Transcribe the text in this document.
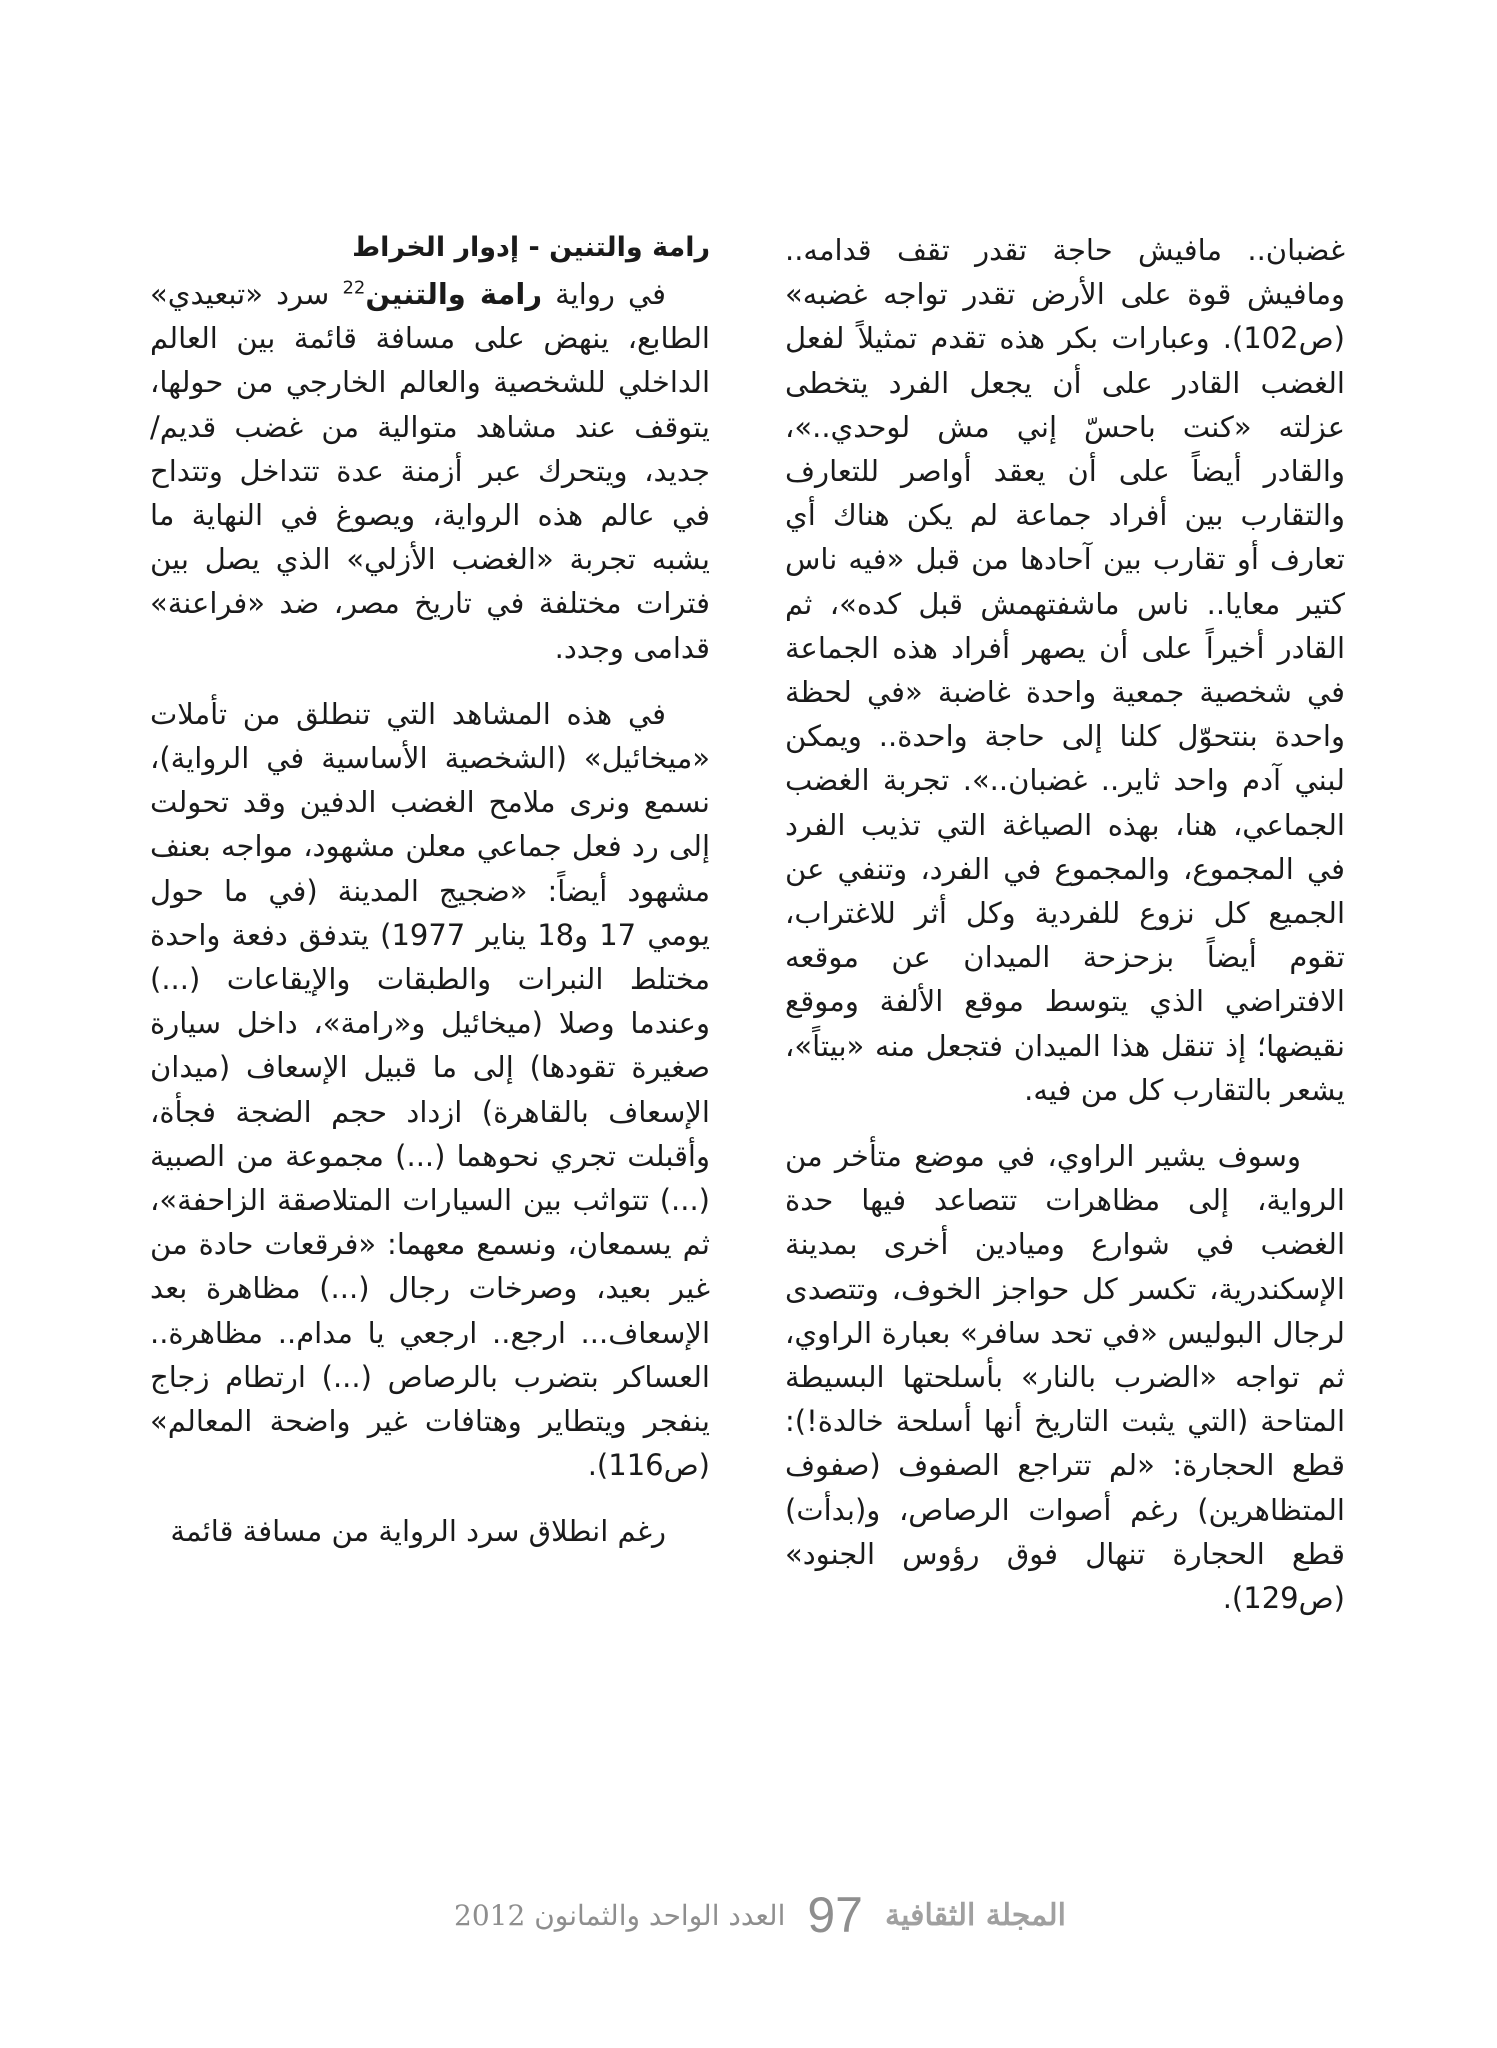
غضبان.. مافيش حاجة تقدر تقف قدامه.. ومافيش قوة على الأرض تقدر تواجه غضبه» (ص102). وعبارات بكر هذه تقدم تمثيلاً لفعل الغضب القادر على أن يجعل الفرد يتخطى عزلته «كنت باحسّ إني مش لوحدي..»، والقادر أيضاً على أن يعقد أواصر للتعارف والتقارب بين أفراد جماعة لم يكن هناك أي تعارف أو تقارب بين آحادها من قبل «فيه ناس كتير معايا.. ناس ماشفتهمش قبل كده»، ثم القادر أخيراً على أن يصهر أفراد هذه الجماعة في شخصية جمعية واحدة غاضبة «في لحظة واحدة بنتحوّل كلنا إلى حاجة واحدة.. ويمكن لبني آدم واحد ثاير.. غضبان..». تجربة الغضب الجماعي، هنا، بهذه الصياغة التي تذيب الفرد في المجموع، والمجموع في الفرد، وتنفي عن الجميع كل نزوع للفردية وكل أثر للاغتراب، تقوم أيضاً بزحزحة الميدان عن موقعه الافتراضي الذي يتوسط موقع الألفة وموقع نقيضها؛ إذ تنقل هذا الميدان فتجعل منه «بيتاً»، يشعر بالتقارب كل من فيه.

وسوف يشير الراوي، في موضع متأخر من الرواية، إلى مظاهرات تتصاعد فيها حدة الغضب في شوارع وميادين أخرى بمدينة الإسكندرية، تكسر كل حواجز الخوف، وتتصدى لرجال البوليس «في تحد سافر» بعبارة الراوي، ثم تواجه «الضرب بالنار» بأسلحتها البسيطة المتاحة (التي يثبت التاريخ أنها أسلحة خالدة!): قطع الحجارة: «لم تتراجع الصفوف (صفوف المتظاهرين) رغم أصوات الرصاص، و(بدأت) قطع الحجارة تنهال فوق رؤوس الجنود» (ص129).

رامة والتنين - إدوار الخراط

في رواية رامة والتنين$^{22}$ سرد «تبعيدي» الطابع، ينهض على مسافة قائمة بين العالم الداخلي للشخصية والعالم الخارجي من حولها، يتوقف عند مشاهد متوالية من غضب قديم/ جديد، ويتحرك عبر أزمنة عدة تتداخل وتتداح في عالم هذه الرواية، ويصوغ في النهاية ما يشبه تجربة «الغضب الأزلي» الذي يصل بين فترات مختلفة في تاريخ مصر، ضد «فراعنة» قدامى وجدد.

في هذه المشاهد التي تنطلق من تأملات «ميخائيل» (الشخصية الأساسية في الرواية)، نسمع ونرى ملامح الغضب الدفين وقد تحولت إلى رد فعل جماعي معلن مشهود، مواجه بعنف مشهود أيضاً: «ضجيج المدينة (في ما حول يومي 17 و18 يناير 1977) يتدفق دفعة واحدة مختلط النبرات والطبقات والإيقاعات (...) وعندما وصلا (ميخائيل و«رامة»، داخل سيارة صغيرة تقودها) إلى ما قبيل الإسعاف (ميدان الإسعاف بالقاهرة) ازداد حجم الضجة فجأة، وأقبلت تجري نحوهما (...) مجموعة من الصبية (...) تتواثب بين السيارات المتلاصقة الزاحفة»، ثم يسمعان، ونسمع معهما: «فرقعات حادة من غير بعيد، وصرخات رجال (...) مظاهرة بعد الإسعاف... ارجع.. ارجعي يا مدام.. مظاهرة.. العساكر بتضرب بالرصاص (...) ارتطام زجاج ينفجر ويتطاير وهتافات غير واضحة المعالم» (ص116).

رغم انطلاق سرد الرواية من مسافة قائمة

المجلة الثقافية
97
العدد الواحد والثمانون 2012
